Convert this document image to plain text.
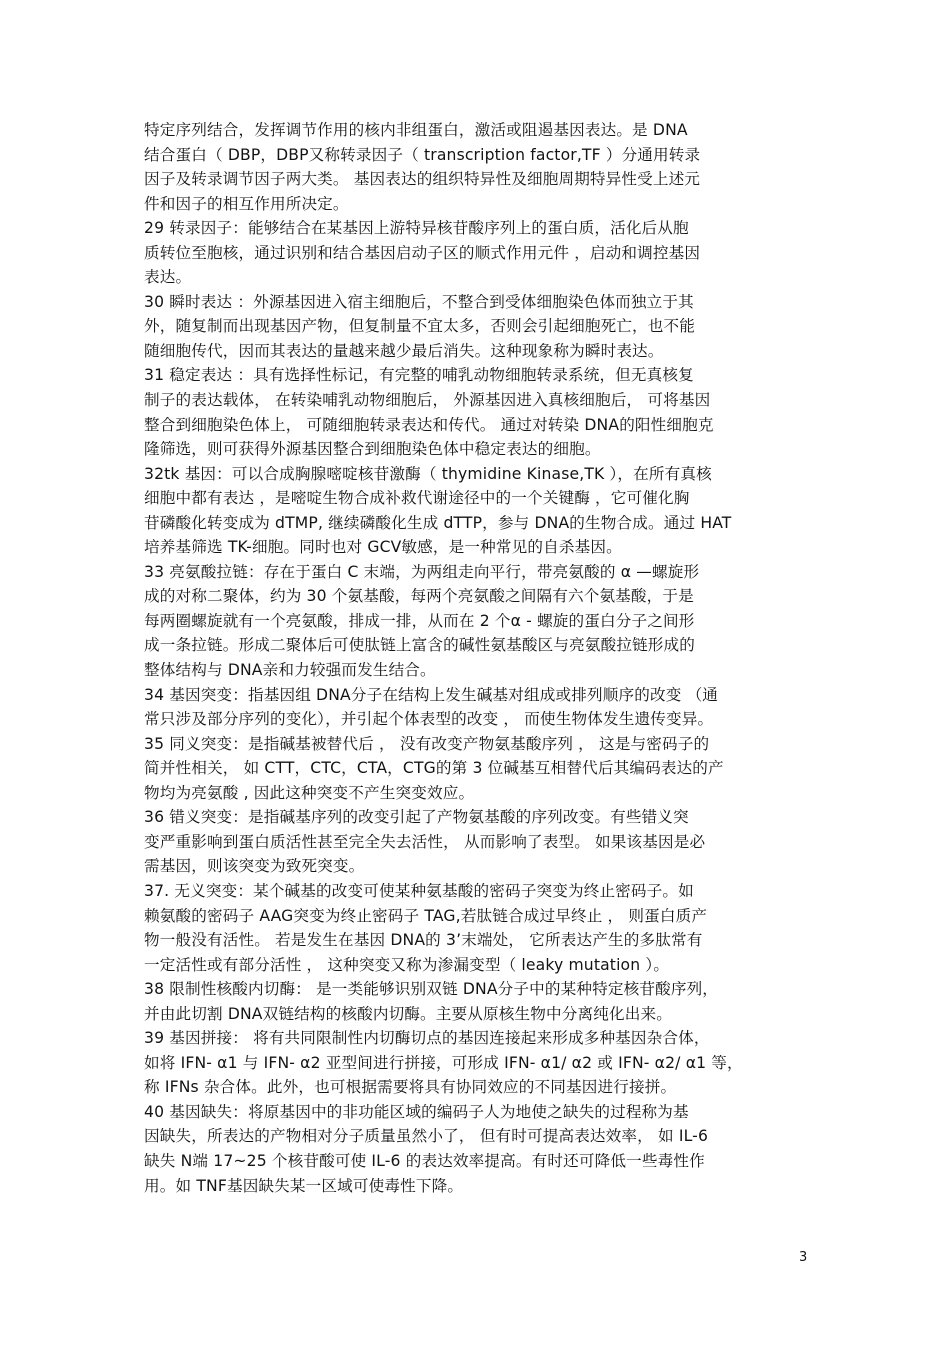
特定序列结合，发挥调节作用的核内非组蛋白，激活或阻遏基因表达。是 DNA
结合蛋白（ DBP，DBP又称转录因子（ transcription factor,TF ）分通用转录
因子及转录调节因子两大类。 基因表达的组织特异性及细胞周期特异性受上述元
件和因子的相互作用所决定。
29 转录因子：能够结合在某基因上游特异核苷酸序列上的蛋白质，活化后从胞
质转位至胞核，通过识别和结合基因启动子区的顺式作用元件 ，启动和调控基因
表达。
30 瞬时表达 ：外源基因进入宿主细胞后，不整合到受体细胞染色体而独立于其
外，随复制而出现基因产物，但复制量不宜太多，否则会引起细胞死亡，也不能
随细胞传代，因而其表达的量越来越少最后消失。这种现象称为瞬时表达。
31 稳定表达 ：具有选择性标记，有完整的哺乳动物细胞转录系统，但无真核复
制子的表达载体， 在转染哺乳动物细胞后， 外源基因进入真核细胞后， 可将基因
整合到细胞染色体上， 可随细胞转录表达和传代。 通过对转染 DNA的阳性细胞克
隆筛选，则可获得外源基因整合到细胞染色体中稳定表达的细胞。
32tk 基因：可以合成胸腺嘧啶核苷激酶（ thymidine Kinase,TK ），在所有真核
细胞中都有表达 ，是嘧啶生物合成补救代谢途径中的一个关键酶 ，它可催化胸
苷磷酸化转变成为 dTMP, 继续磷酸化生成 dTTP，参与 DNA的生物合成。通过 HAT
培养基筛选 TK-细胞。同时也对 GCV敏感，是一种常见的自杀基因。
33 亮氨酸拉链：存在于蛋白 C 末端，为两组走向平行，带亮氨酸的 α —螺旋形
成的对称二聚体，约为 30 个氨基酸，每两个亮氨酸之间隔有六个氨基酸，于是
每两圈螺旋就有一个亮氨酸，排成一排，从而在 2 个α - 螺旋的蛋白分子之间形
成一条拉链。形成二聚体后可使肽链上富含的碱性氨基酸区与亮氨酸拉链形成的
整体结构与 DNA亲和力较强而发生结合。
34 基因突变：指基因组 DNA分子在结构上发生碱基对组成或排列顺序的改变 （通
常只涉及部分序列的变化），并引起个体表型的改变 ， 而使生物体发生遗传变异。
35 同义突变：是指碱基被替代后 ， 没有改变产物氨基酸序列 ， 这是与密码子的
简并性相关， 如 CTT，CTC，CTA，CTG的第 3 位碱基互相替代后其编码表达的产
物均为亮氨酸 , 因此这种突变不产生突变效应。
36 错义突变：是指碱基序列的改变引起了产物氨基酸的序列改变。有些错义突
变严重影响到蛋白质活性甚至完全失去活性， 从而影响了表型。 如果该基因是必
需基因，则该突变为致死突变。
37. 无义突变：某个碱基的改变可使某种氨基酸的密码子突变为终止密码子。如
赖氨酸的密码子 AAG突变为终止密码子 TAG,若肽链合成过早终止 ， 则蛋白质产
物一般没有活性。 若是发生在基因 DNA的 3’末端处， 它所表达产生的多肽常有
一定活性或有部分活性 ， 这种突变又称为渗漏变型（ leaky mutation ）。
38 限制性核酸内切酶： 是一类能够识别双链 DNA分子中的某种特定核苷酸序列，
并由此切割 DNA双链结构的核酸内切酶。主要从原核生物中分离纯化出来。
39 基因拼接： 将有共同限制性内切酶切点的基因连接起来形成多种基因杂合体，
如将 IFN- α1 与 IFN- α2 亚型间进行拼接，可形成 IFN- α1/ α2 或 IFN- α2/ α1 等，
称 IFNs 杂合体。此外，也可根据需要将具有协同效应的不同基因进行接拼。
40 基因缺失：将原基因中的非功能区域的编码子人为地使之缺失的过程称为基
因缺失，所表达的产物相对分子质量虽然小了， 但有时可提高表达效率， 如 IL-6
缺失 N端 17~25 个核苷酸可使 IL-6 的表达效率提高。有时还可降低一些毒性作
用。如 TNF基因缺失某一区域可使毒性下降。
3
